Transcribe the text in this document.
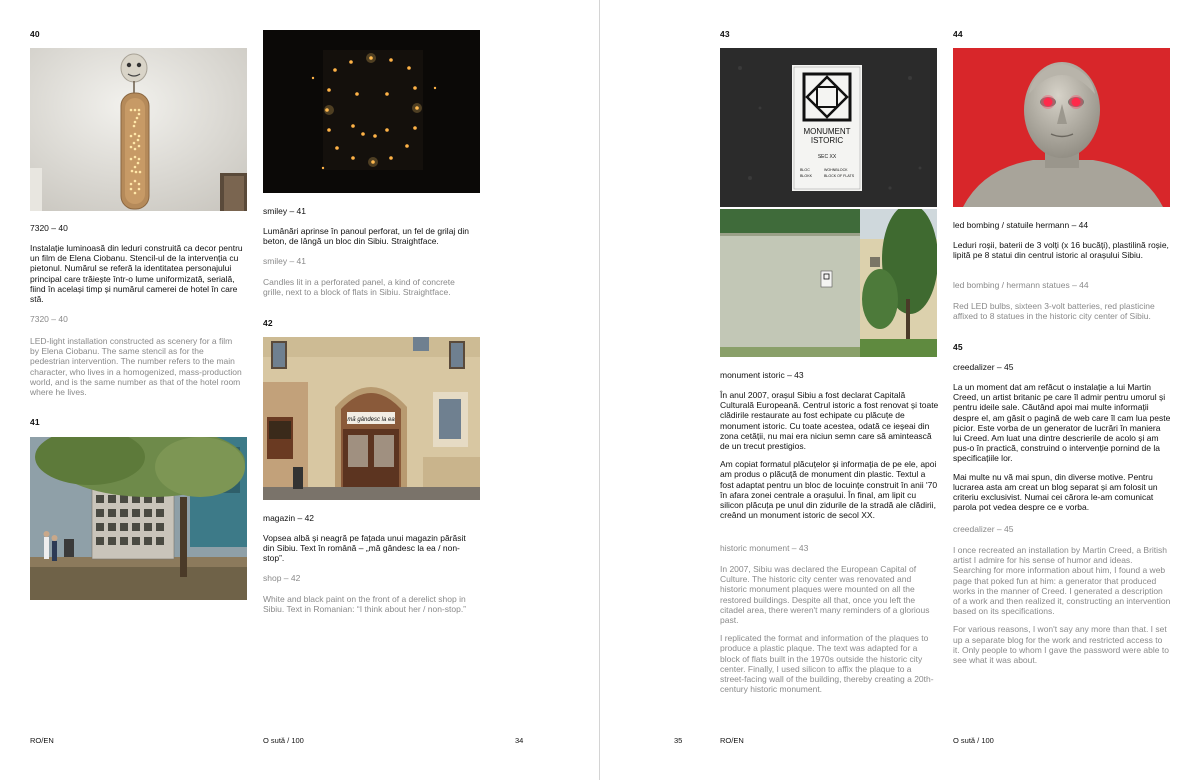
40
7320 – 40
Instalație luminoasă din leduri construită ca decor pentru un film de Elena Ciobanu. Stencil-ul de la intervenția cu pietonul. Numărul se referă la identitatea personajului principal care trăiește într-o lume uniformizată, serială, fiind în același timp și numărul camerei de hotel în care stă.
7320 – 40
LED-light installation constructed as scenery for a film by Elena Ciobanu. The same stencil as for the pedestrian intervention. The number refers to the main character, who lives in a homogenized, mass-production world, and is the same number as that of the hotel room where he lives.
41
smiley – 41
Lumânări aprinse în panoul perforat, un fel de grilaj din beton, de lângă un bloc din Sibiu. Straightface.
smiley – 41
Candles lit in a perforated panel, a kind of concrete grille, next to a block of flats in Sibiu. Straightface.
42
mă gândesc la ea
magazin – 42
Vopsea albă și neagră pe fațada unui magazin părăsit din Sibiu. Text în română – „mă gândesc la ea / non-stop”.
shop – 42
White and black paint on the front of a derelict shop in Sibiu. Text in Romanian: “I think about her / non-stop.”
RO/EN	O sută / 100	34
43
MONUMENT
ISTORIC
SEC XX
BLOC	WOHNBLOCK
BLOKK	BLOCK OF FLATS
monument istoric – 43

În anul 2007, orașul Sibiu a fost declarat Capitală Culturală Europeană. Centrul istoric a fost renovat și toate clădirile restaurate au fost echipate cu plăcuțe de monument istoric. Cu toate acestea, odată ce ieșeai din zona cetății, nu mai era niciun semn care să amintească de un trecut prestigios.

Am copiat formatul plăcuțelor și informația de pe ele, apoi am produs o plăcuță de monument din plastic. Textul a fost adaptat pentru un bloc de locuințe construit în anii '70 în afara zonei centrale a orașului. În final, am lipit cu silicon plăcuța pe unul din zidurile de la stradă ale clădirii, creând un monument istoric de secol XX.

historic monument – 43

In 2007, Sibiu was declared the European Capital of Culture. The historic city center was renovated and historic monument plaques were mounted on all the restored buildings. Despite all that, once you left the citadel area, there weren't many reminders of a glorious past.

I replicated the format and information of the plaques to produce a plastic plaque. The text was adapted for a block of flats built in the 1970s outside the historic city center. Finally, I used silicon to affix the plaque to a street-facing wall of the building, thereby creating a 20th-century historic monument.

44
led bombing / statuile hermann – 44
Leduri roșii, baterii de 3 volți (x 16 bucăți), plastilină roșie, lipită pe 8 statui din centrul istoric al orașului Sibiu.
led bombing / hermann statues – 44
Red LED bulbs, sixteen 3-volt batteries, red plasticine affixed to 8 statues in the historic city center of Sibiu.
45
creedalizer – 45

La un moment dat am refăcut o instalație a lui Martin Creed, un artist britanic pe care îl admir pentru umorul și pentru ideile sale. Căutând apoi mai multe informații despre el, am găsit o pagină de web care îl cam lua peste picior. Este vorba de un generator de lucrări în maniera lui Creed. Am luat una dintre descrierile de acolo și am pus-o în practică, construind o intervenție pornind de la specificațiile lor.

Mai multe nu vă mai spun, din diverse motive. Pentru lucrarea asta am creat un blog separat și am folosit un criteriu exclusivist. Numai cei cărora le-am comunicat parola pot vedea despre ce e vorba.

creedalizer – 45

I once recreated an installation by Martin Creed, a British artist I admire for his sense of humor and ideas. Searching for more information about him, I found a web page that poked fun at him: a generator that produced works in the manner of Creed. I generated a description of a work and then realized it, constructing an intervention based on its specifications.

For various reasons, I won't say any more than that. I set up a separate blog for the work and restricted access to it. Only people to whom I gave the password were able to see what it was about.

35	RO/EN	O sută / 100
